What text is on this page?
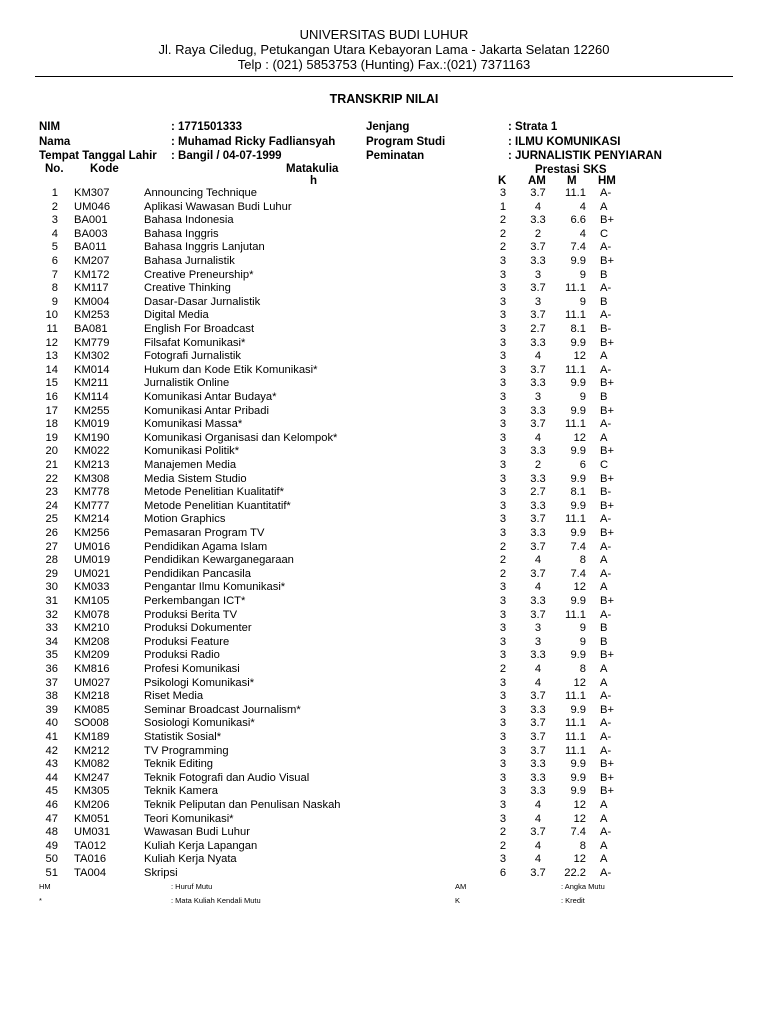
UNIVERSITAS BUDI LUHUR
Jl. Raya Ciledug, Petukangan Utara Kebayoran Lama - Jakarta Selatan 12260
Telp : (021) 5853753 (Hunting) Fax.:(021) 7371163
TRANSKRIP NILAI
NIM	: 1771501333
Nama	: Muhamad Ricky Fadliansyah
Tempat Tanggal Lahir : Bangil / 04-07-1999
Jenjang	: Strata 1
Program Studi	: ILMU KOMUNIKASI
Peminatan	: JURNALISTIK PENYIARAN
No. Kode	Matakulia
h
Prestasi SKS
K AM M HM
1 KM307	Announcing Technique	3	3.7	11.1 A-
2 UM046	Aplikasi Wawasan Budi Luhur	1	4	4 A
3 BA001	Bahasa Indonesia	2	3.3	6.6 B+
4 BA003	Bahasa Inggris	2	2	4 C
5 BA011	Bahasa Inggris Lanjutan	2	3.7	7.4 A-
6 KM207	Bahasa Jurnalistik	3	3.3	9.9 B+
7 KM172	Creative Preneurship*	3	3	9 B
8 KM117	Creative Thinking	3	3.7	11.1 A-
9 KM004	Dasar-Dasar Jurnalistik	3	3	9 B
10 KM253	Digital Media	3	3.7	11.1 A-
11 BA081	English For Broadcast	3	2.7	8.1 B-
12 KM779	Filsafat Komunikasi*	3	3.3	9.9 B+
13 KM302	Fotografi Jurnalistik	3	4	12 A
14 KM014	Hukum dan Kode Etik Komunikasi*	3	3.7	11.1 A-
15 KM211	Jurnalistik Online	3	3.3	9.9 B+
16 KM114	Komunikasi Antar Budaya*	3	3	9 B
17 KM255	Komunikasi Antar Pribadi	3	3.3	9.9 B+
18 KM019	Komunikasi Massa*	3	3.7	11.1 A-
19 KM190	Komunikasi Organisasi dan Kelompok*	3	4	12 A
20 KM022	Komunikasi Politik*	3	3.3	9.9 B+
21 KM213	Manajemen Media	3	2	6 C
22 KM308	Media Sistem Studio	3	3.3	9.9 B+
23 KM778	Metode Penelitian Kualitatif*	3	2.7	8.1 B-
24 KM777	Metode Penelitian Kuantitatif*	3	3.3	9.9 B+
25 KM214	Motion Graphics	3	3.7	11.1 A-
26 KM256	Pemasaran Program TV	3	3.3	9.9 B+
27 UM016	Pendidikan Agama Islam	2	3.7	7.4 A-
28 UM019	Pendidikan Kewarganegaraan	2	4	8 A
29 UM021	Pendidikan Pancasila	2	3.7	7.4 A-
30 KM033	Pengantar Ilmu Komunikasi*	3	4	12 A
31 KM105	Perkembangan ICT*	3	3.3	9.9 B+
32 KM078	Produksi Berita TV	3	3.7	11.1 A-
33 KM210	Produksi Dokumenter	3	3	9 B
34 KM208	Produksi Feature	3	3	9 B
35 KM209	Produksi Radio	3	3.3	9.9 B+
36 KM816	Profesi Komunikasi	2	4	8 A
37 UM027	Psikologi Komunikasi*	3	4	12 A
38 KM218	Riset Media	3	3.7	11.1 A-
39 KM085	Seminar Broadcast Journalism*	3	3.3	9.9 B+
40 SO008	Sosiologi Komunikasi*	3	3.7	11.1 A-
41 KM189	Statistik Sosial*	3	3.7	11.1 A-
42 KM212	TV Programming	3	3.7	11.1 A-
43 KM082	Teknik Editing	3	3.3	9.9 B+
44 KM247	Teknik Fotografi dan Audio Visual	3	3.3	9.9 B+
45 KM305	Teknik Kamera	3	3.3	9.9 B+
46 KM206	Teknik Peliputan dan Penulisan Naskah	3	4	12 A
47 KM051	Teori Komunikasi*	3	4	12 A
48 UM031	Wawasan Budi Luhur	2	3.7	7.4 A-
49 TA012	Kuliah Kerja Lapangan	2	4	8 A
50 TA016	Kuliah Kerja Nyata	3	4	12 A
51 TA004	Skripsi	6	3.7	22.2 A-
HM	: Huruf Mutu	AM	: Angka Mutu
*	: Mata Kuliah Kendali Mutu	K	: Kredit
